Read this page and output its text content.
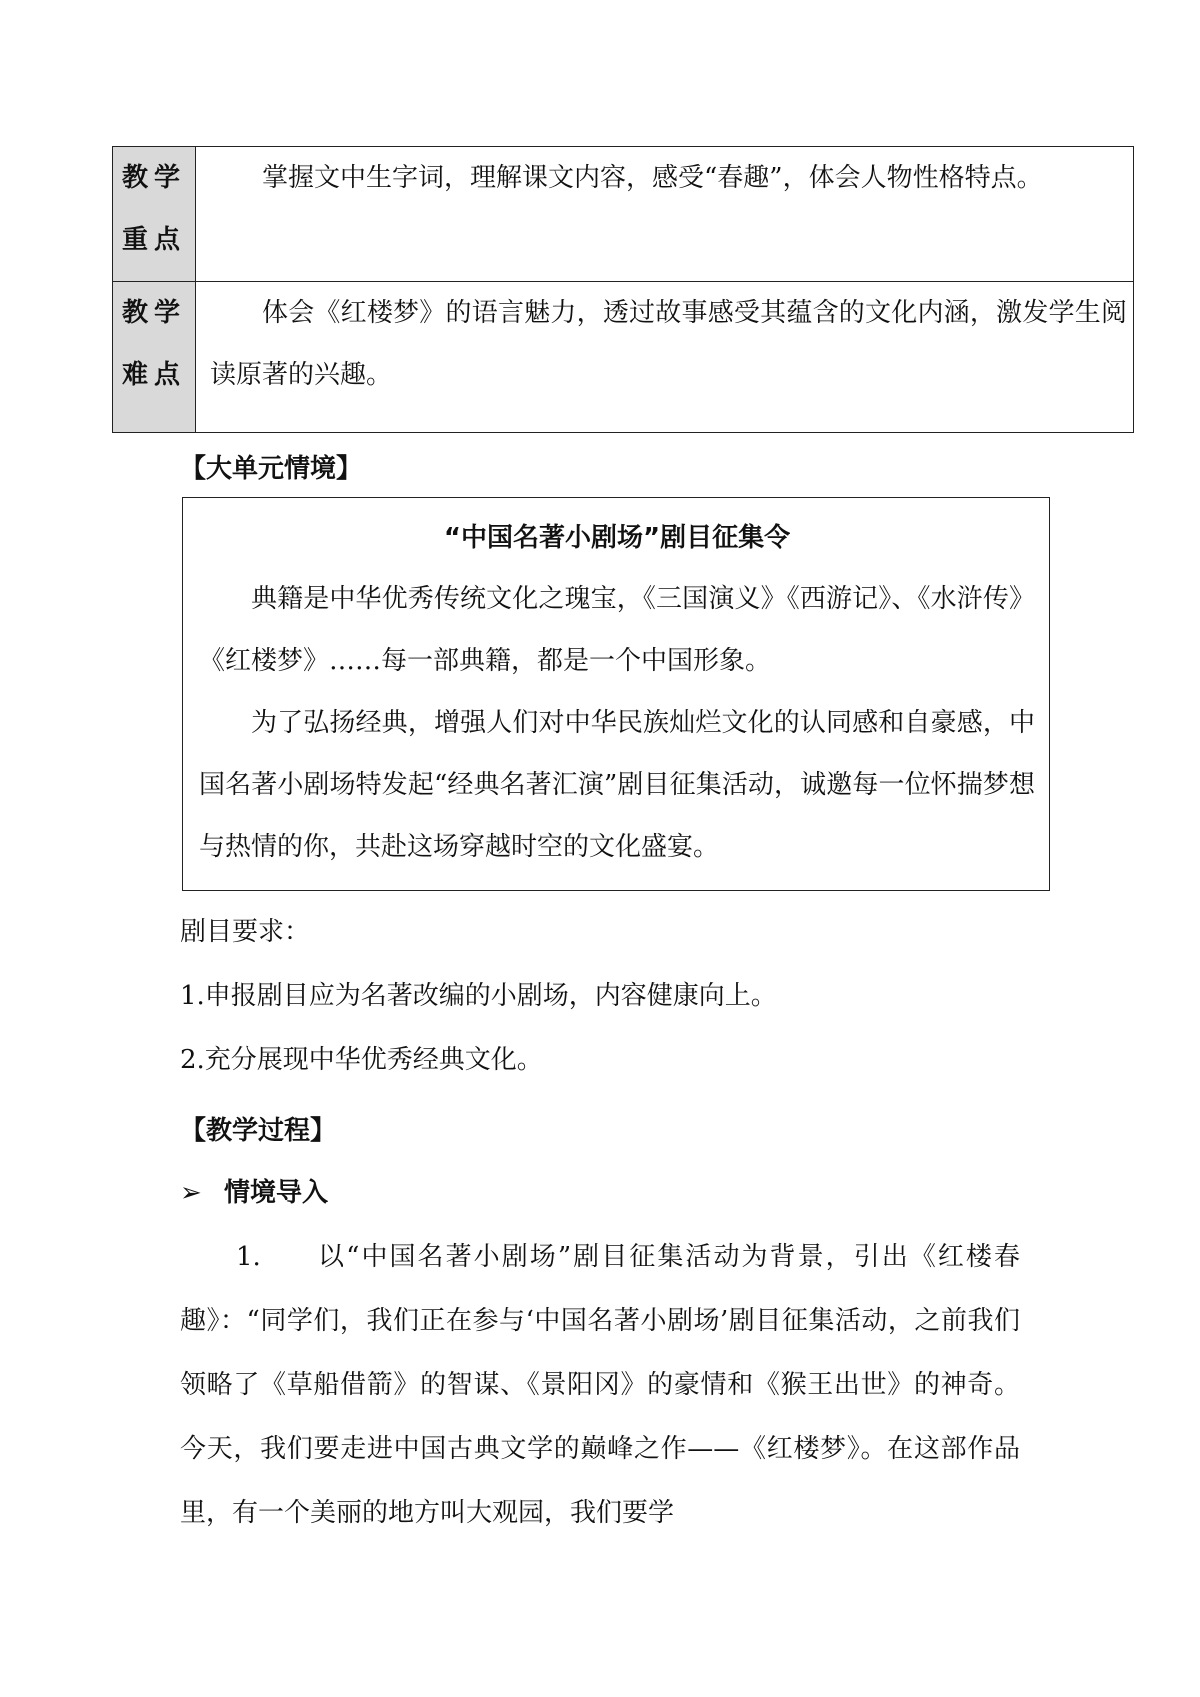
教学
重点	掌握文中生字词，理解课文内容，感受“春趣”，体会人物性格特点。

教学
难点	体会《红楼梦》的语言魅力，透过故事感受其蕴含的文化内涵，激发学生阅读原著的兴趣。
【大单元情境】
“中国名著小剧场”剧目征集令

典籍是中华优秀传统文化之瑰宝，《三国演义》《西游记》、《水浒传》《红楼梦》……每一部典籍，都是一个中国形象。

为了弘扬经典，增强人们对中华民族灿烂文化的认同感和自豪感，中国名著小剧场特发起“经典名著汇演”剧目征集活动，诚邀每一位怀揣梦想与热情的你，共赴这场穿越时空的文化盛宴。

剧目要求：

1.申报剧目应为名著改编的小剧场，内容健康向上。

2.充分展现中华优秀经典文化。

【教学过程】
➢ 情境导入

1. 以“中国名著小剧场”剧目征集活动为背景，引出《红楼春趣》：“同学们，我们正在参与‘中国名著小剧场’剧目征集活动，之前我们领略了《草船借箭》的智谋、《景阳冈》的豪情和《猴王出世》的神奇。今天，我们要走进中国古典文学的巅峰之作——《红楼梦》。在这部作品里，有一个美丽的地方叫大观园，我们要学
